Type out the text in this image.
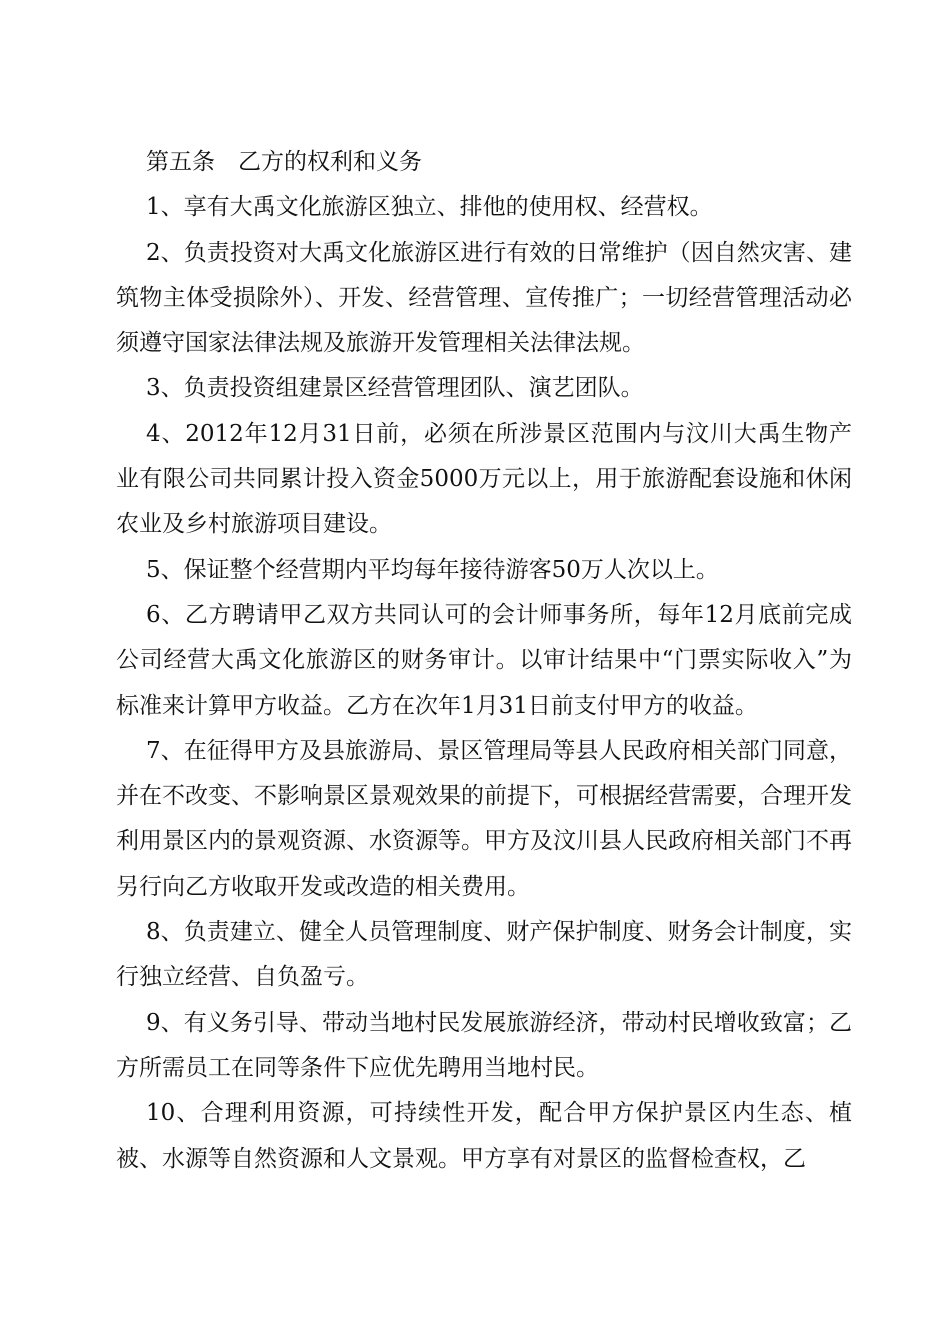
第五条　乙方的权利和义务

1、享有大禹文化旅游区独立、排他的使用权、经营权。

2、负责投资对大禹文化旅游区进行有效的日常维护（因自然灾害、建筑物主体受损除外）、开发、经营管理、宣传推广；一切经营管理活动必须遵守国家法律法规及旅游开发管理相关法律法规。

3、负责投资组建景区经营管理团队、演艺团队。

4、2012年12月31日前，必须在所涉景区范围内与汶川大禹生物产业有限公司共同累计投入资金5000万元以上，用于旅游配套设施和休闲农业及乡村旅游项目建设。

5、保证整个经营期内平均每年接待游客50万人次以上。

6、乙方聘请甲乙双方共同认可的会计师事务所，每年12月底前完成公司经营大禹文化旅游区的财务审计。以审计结果中“门票实际收入”为标准来计算甲方收益。乙方在次年1月31日前支付甲方的收益。

7、在征得甲方及县旅游局、景区管理局等县人民政府相关部门同意，并在不改变、不影响景区景观效果的前提下，可根据经营需要，合理开发利用景区内的景观资源、水资源等。甲方及汶川县人民政府相关部门不再另行向乙方收取开发或改造的相关费用。

8、负责建立、健全人员管理制度、财产保护制度、财务会计制度，实行独立经营、自负盈亏。

9、有义务引导、带动当地村民发展旅游经济，带动村民增收致富；乙方所需员工在同等条件下应优先聘用当地村民。

10、合理利用资源，可持续性开发，配合甲方保护景区内生态、植被、水源等自然资源和人文景观。甲方享有对景区的监督检查权，乙
